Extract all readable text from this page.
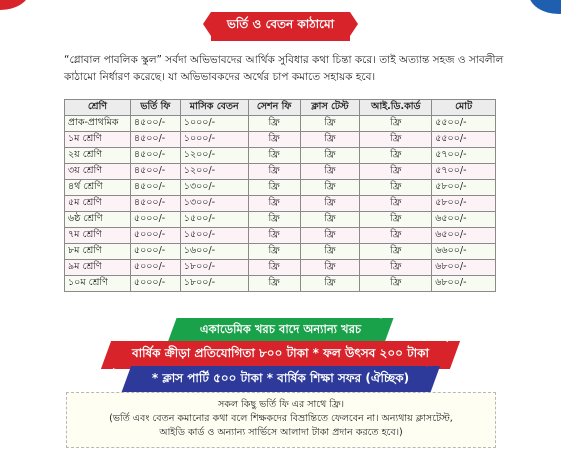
ভর্তি ও বেতন কাঠামো

“গ্লোবাল পাবলিক স্কুল” সর্বদা অভিভাবদের আর্থিক সুবিধার কথা চিন্তা করে। তাই অত্যান্ত সহজ ও সাবলীল কাঠামো নির্ধারণ করেছে। যা অভিভাবকদের অর্থের চাপ কমাতে সহায়ক হবে।

শ্রেণি	ভর্তি ফি	মাসিক বেতন	সেশন ফি	ক্লাস টেস্ট	আই.ডি.কার্ড	মোট
প্রাক-প্রাথমিক	৪৫০০/-	১০০০/-	ফ্রি	ফ্রি	ফ্রি	৫৫০০/-
১ম শ্রেণি	৪৫০০/-	১০০০/-	ফ্রি	ফ্রি	ফ্রি	৫৫০০/-
২য় শ্রেণি	৪৫০০/-	১২০০/-	ফ্রি	ফ্রি	ফ্রি	৫৭০০/-
৩য় শ্রেণি	৪৫০০/-	১২০০/-	ফ্রি	ফ্রি	ফ্রি	৫৭০০/-
৪র্থ শ্রেণি	৪৫০০/-	১৩০০/-	ফ্রি	ফ্রি	ফ্রি	৫৮০০/-
৫ম শ্রেণি	৪৫০০/-	১৩০০/-	ফ্রি	ফ্রি	ফ্রি	৫৮০০/-
৬ষ্ঠ শ্রেণি	৫০০০/-	১৫০০/-	ফ্রি	ফ্রি	ফ্রি	৬৫০০/-
৭ম শ্রেণি	৫০০০/-	১৫০০/-	ফ্রি	ফ্রি	ফ্রি	৬৫০০/-
৮ম শ্রেণি	৫০০০/-	১৬০০/-	ফ্রি	ফ্রি	ফ্রি	৬৬০০/-
৯ম শ্রেণি	৫০০০/-	১৮০০/-	ফ্রি	ফ্রি	ফ্রি	৬৮০০/-
১০ম শ্রেণি	৫০০০/-	১৮০০/-	ফ্রি	ফ্রি	ফ্রি	৬৮০০/-
একাডেমিক খরচ বাদে অন্যান্য খরচ
বার্ষিক ক্রীড়া প্রতিযোগিতা ৮০০ টাকা * ফল উৎসব ২০০ টাকা
* ক্লাস পার্টি ৫০০ টাকা * বার্ষিক শিক্ষা সফর (ঐচ্ছিক)
সকল কিছু ভর্তি ফি এর সাথে ফ্রি।
(ভর্তি এবং বেতন কমানোর কথা বলে শিক্ষকদের বিভ্রান্তিতে ফেলবেন না। অন্যথায় ক্লাসটেস্ট,
আইডি কার্ড ও অন্যান্য সার্ভিসে আলাদা টাকা প্রদান করতে হবে।)
